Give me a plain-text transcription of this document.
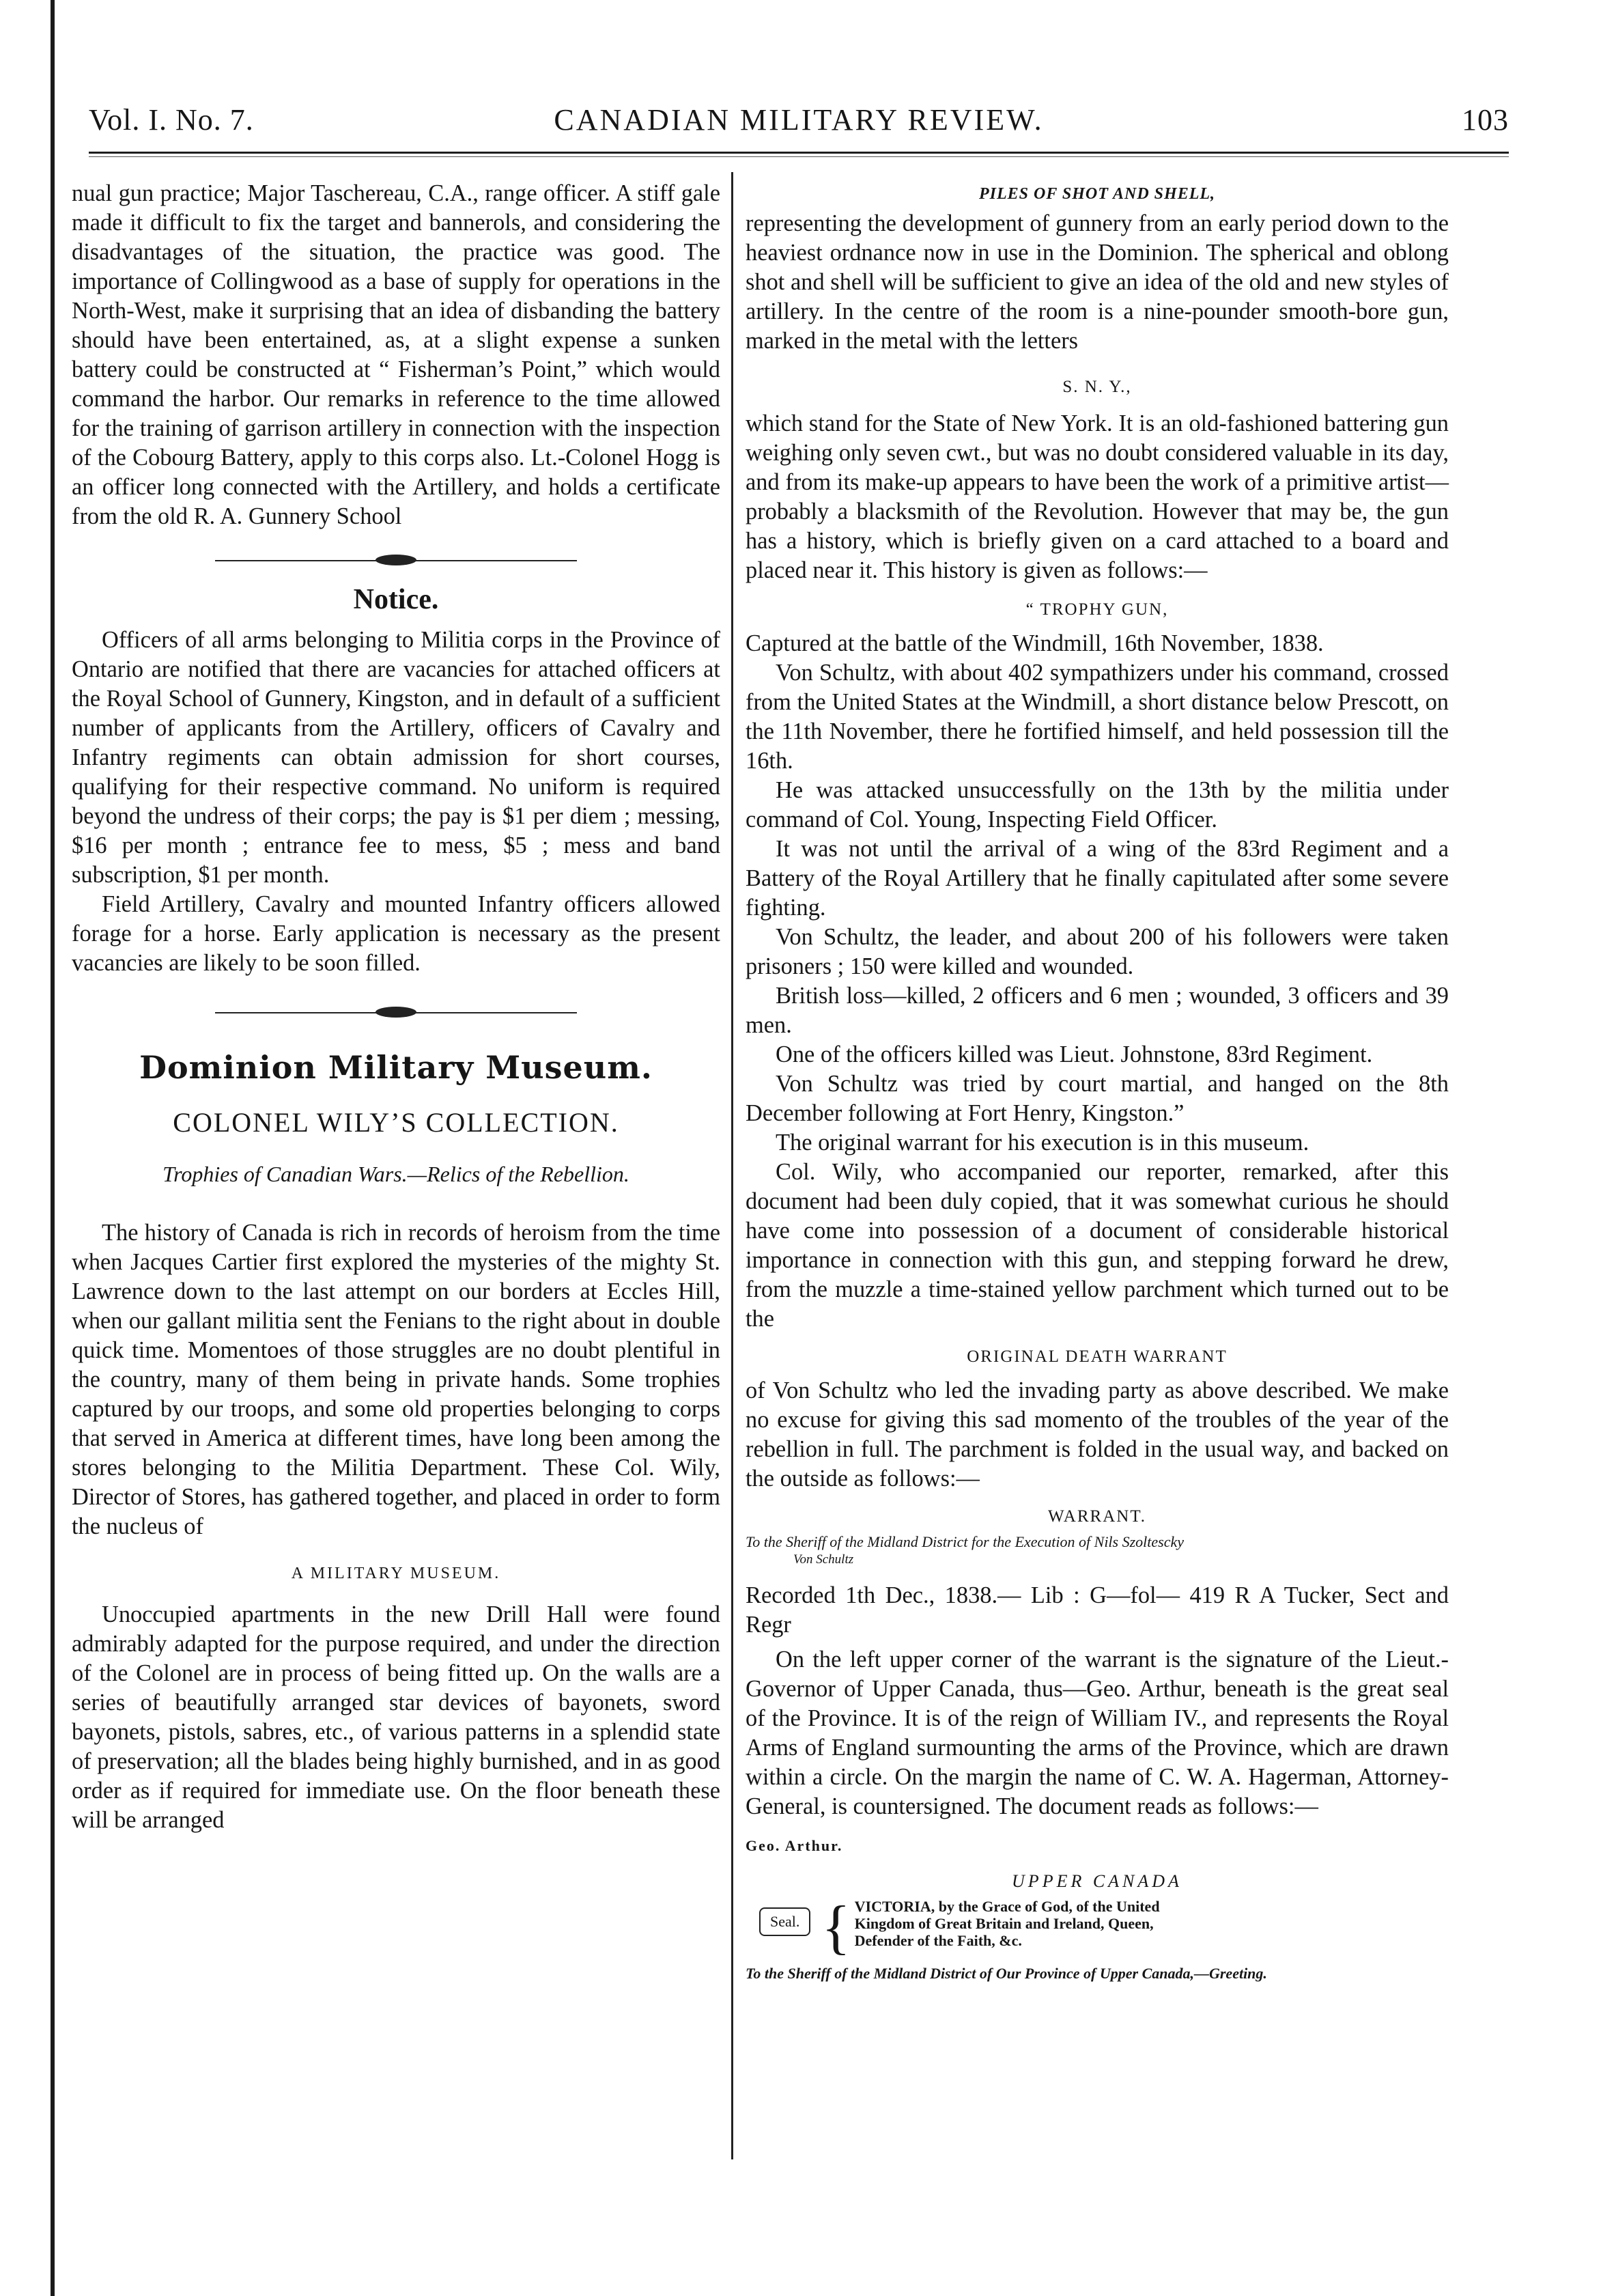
Vol. I. No. 7.	CANADIAN MILITARY REVIEW.	103

nual gun practice; Major Taschereau, C.A., range officer. A stiff gale made it difficult to fix the target and bannerols, and considering the disadvantages of the situation, the practice was good. The importance of Collingwood as a base of supply for operations in the North-West, make it surprising that an idea of disbanding the battery should have been entertained, as, at a slight expense a sunken battery could be constructed at “ Fisherman’s Point,” which would command the harbor. Our remarks in reference to the time allowed for the training of garrison artillery in connection with the inspection of the Cobourg Battery, apply to this corps also. Lt.-Colonel Hogg is an officer long connected with the Artillery, and holds a certificate from the old R. A. Gunnery School

Notice.

Officers of all arms belonging to Militia corps in the Province of Ontario are notified that there are vacancies for attached officers at the Royal School of Gunnery, Kingston, and in default of a sufficient number of applicants from the Artillery, officers of Cavalry and Infantry regiments can obtain admission for short courses, qualifying for their respective command. No uniform is required beyond the undress of their corps; the pay is $1 per diem ; messing, $16 per month ; entrance fee to mess, $5 ; mess and band subscription, $1 per month.

Field Artillery, Cavalry and mounted Infantry officers allowed forage for a horse. Early application is necessary as the present vacancies are likely to be soon filled.

Dominion Military Museum.
COLONEL WILY’S COLLECTION.
Trophies of Canadian Wars.—Relics of the Rebellion.

The history of Canada is rich in records of heroism from the time when Jacques Cartier first explored the mysteries of the mighty St. Lawrence down to the last attempt on our borders at Eccles Hill, when our gallant militia sent the Fenians to the right about in double quick time. Momentoes of those struggles are no doubt plentiful in the country, many of them being in private hands. Some trophies captured by our troops, and some old properties belonging to corps that served in America at different times, have long been among the stores belonging to the Militia Department. These Col. Wily, Director of Stores, has gathered together, and placed in order to form the nucleus of

A MILITARY MUSEUM.

Unoccupied apartments in the new Drill Hall were found admirably adapted for the purpose required, and under the direction of the Colonel are in process of being fitted up. On the walls are a series of beautifully arranged star devices of bayonets, sword bayonets, pistols, sabres, etc., of various patterns in a splendid state of preservation; all the blades being highly burnished, and in as good order as if required for immediate use. On the floor beneath these will be arranged

PILES OF SHOT AND SHELL,

representing the development of gunnery from an early period down to the heaviest ordnance now in use in the Dominion. The spherical and oblong shot and shell will be sufficient to give an idea of the old and new styles of artillery. In the centre of the room is a nine-pounder smooth-bore gun, marked in the metal with the letters

S. N. Y.,

which stand for the State of New York. It is an old-fashioned battering gun weighing only seven cwt., but was no doubt considered valuable in its day, and from its make-up appears to have been the work of a primitive artist—probably a blacksmith of the Revolution. However that may be, the gun has a history, which is briefly given on a card attached to a board and placed near it. This history is given as follows:—

“ TROPHY GUN,

Captured at the battle of the Windmill, 16th November, 1838.

Von Schultz, with about 402 sympathizers under his command, crossed from the United States at the Windmill, a short distance below Prescott, on the 11th November, there he fortified himself, and held possession till the 16th.

He was attacked unsuccessfully on the 13th by the militia under command of Col. Young, Inspecting Field Officer.

It was not until the arrival of a wing of the 83rd Regiment and a Battery of the Royal Artillery that he finally capitulated after some severe fighting.

Von Schultz, the leader, and about 200 of his followers were taken prisoners ; 150 were killed and wounded.

British loss—killed, 2 officers and 6 men ; wounded, 3 officers and 39 men.

One of the officers killed was Lieut. Johnstone, 83rd Regiment.

Von Schultz was tried by court martial, and hanged on the 8th December following at Fort Henry, Kingston.”

The original warrant for his execution is in this museum.

Col. Wily, who accompanied our reporter, remarked, after this document had been duly copied, that it was somewhat curious he should have come into possession of a document of considerable historical importance in connection with this gun, and stepping forward he drew, from the muzzle a time-stained yellow parchment which turned out to be the

ORIGINAL DEATH WARRANT

of Von Schultz who led the invading party as above described. We make no excuse for giving this sad momento of the troubles of the year of the rebellion in full. The parchment is folded in the usual way, and backed on the outside as follows:—

WARRANT.
To the Sheriff of the Midland District for the Execution of Nils Szoltescky
Von Schultz

Recorded 1th Dec., 1838.— Lib : G—fol— 419 R A Tucker, Sect and Regr

On the left upper corner of the warrant is the signature of the Lieut.-Governor of Upper Canada, thus—Geo. Arthur, beneath is the great seal of the Province. It is of the reign of William IV., and represents the Royal Arms of England surmounting the arms of the Province, which are drawn within a circle. On the margin the name of C. W. A. Hagerman, Attorney-General, is countersigned. The document reads as follows:—

Geo. Arthur.
UPPER CANADA
Seal. { VICTORIA, by the Grace of God, of the United
Kingdom of Great Britain and Ireland, Queen,
Defender of the Faith, &c.
To the Sheriff of the Midland District of Our Province of Upper Canada,—Greeting.
